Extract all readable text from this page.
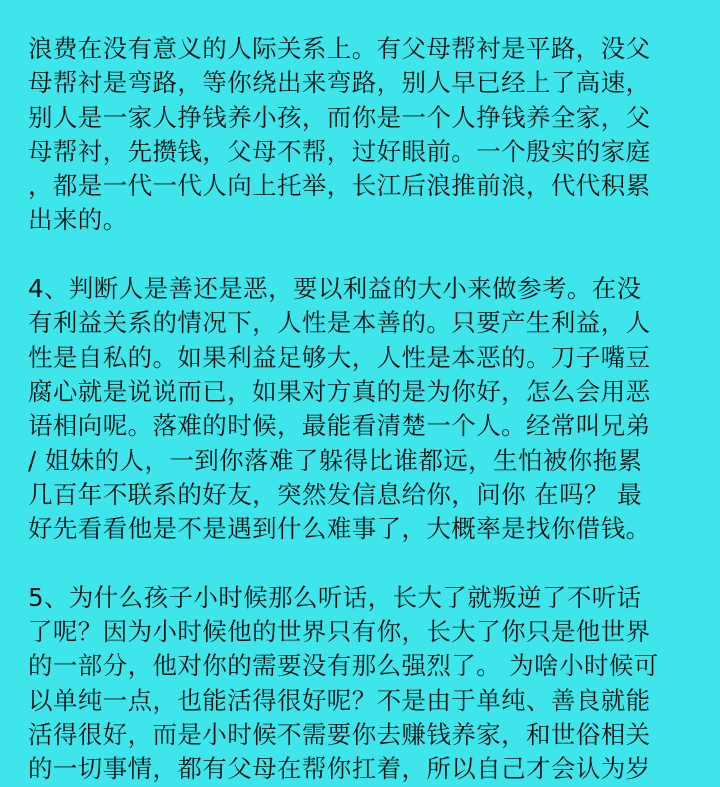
浪费在没有意义的人际关系上。有父母帮衬是平路，没父
母帮衬是弯路，等你绕出来弯路，别人早已经上了高速，
别人是一家人挣钱养小孩，而你是一个人挣钱养全家，父
母帮衬，先攒钱，父母不帮，过好眼前。一个殷实的家庭
，都是一代一代人向上托举，长江后浪推前浪，代代积累
出来的。
4、判断人是善还是恶，要以利益的大小来做参考。在没
有利益关系的情况下，人性是本善的。只要产生利益，人
性是自私的。如果利益足够大，人性是本恶的。刀子嘴豆
腐心就是说说而已，如果对方真的是为你好，怎么会用恶
语相向呢。落难的时候，最能看清楚一个人。经常叫兄弟
/ 姐妹的人，一到你落难了躲得比谁都远，生怕被你拖累
几百年不联系的好友，突然发信息给你，问你 在吗？ 最
好先看看他是不是遇到什么难事了，大概率是找你借钱。
5、为什么孩子小时候那么听话，长大了就叛逆了不听话
了呢？因为小时候他的世界只有你，长大了你只是他世界
的一部分，他对你的需要没有那么强烈了。 为啥小时候可
以单纯一点，也能活得很好呢？不是由于单纯、善良就能
活得很好，而是小时候不需要你去赚钱养家，和世俗相关
的一切事情，都有父母在帮你扛着，所以自己才会认为岁
